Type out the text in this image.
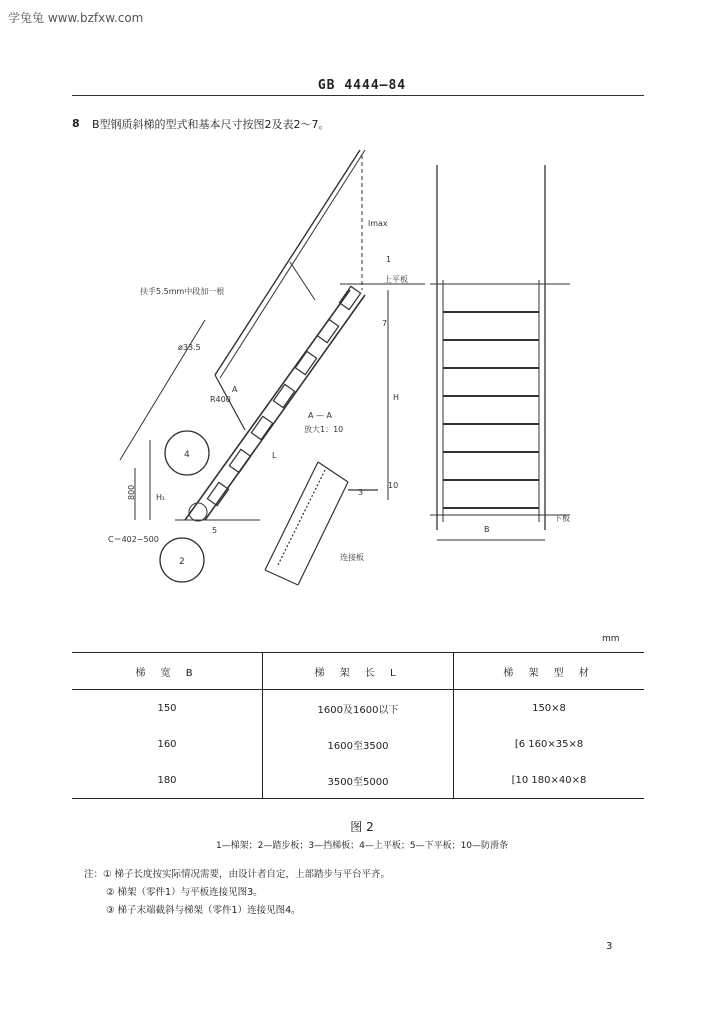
学兔兔 www.bzfxw.com
GB 4444—84
8 B型钢质斜梯的型式和基本尺寸按图2及表2～7。
扶手5.5mm中段加一根
ø33.5
R400
A
A — A
放大1：10
C＝402~500
800	H₁
H
L
B
上平板
下板
连接板
lmax
4
2
1
5
10
3
7
mm
梯 宽 B	梯 架 长 L	梯 架 型 材
150	1600及1600以下	150×8
160	1600至3500	[6 160×35×8
180	3500至5000	[10 180×40×8
图 2
1—梯架；2—踏步板；3—挡梯板；4—上平板；5—下平板；10—防滑条
注：① 梯子长度按实际情况需要，由设计者自定，上部踏步与平台平齐。
② 梯架（零件1）与平板连接见图3。
③ 梯子末端截斜与梯架（零件1）连接见图4。
3
